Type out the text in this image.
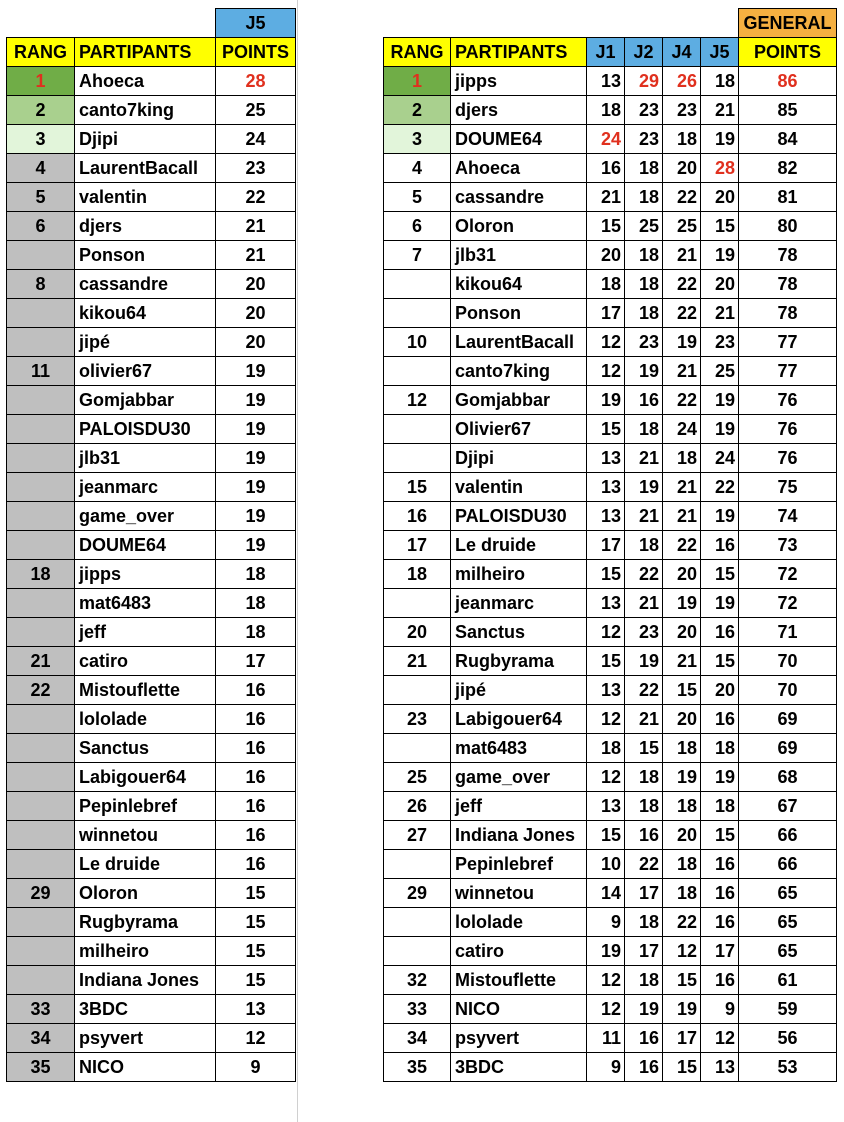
		J5
RANG	PARTIPANTS	POINTS
1	Ahoeca	28
2	canto7king	25
3	Djipi	24
4	LaurentBacall	23
5	valentin	22
6	djers	21
	Ponson	21
8	cassandre	20
	kikou64	20
	jipé	20
11	olivier67	19
	Gomjabbar	19
	PALOISDU30	19
	jlb31	19
	jeanmarc	19
	game_over	19
	DOUME64	19
18	jipps	18
	mat6483	18
	jeff	18
21	catiro	17
22	Mistouflette	16
	lololade	16
	Sanctus	16
	Labigouer64	16
	Pepinlebref	16
	winnetou	16
	Le druide	16
29	Oloron	15
	Rugbyrama	15
	milheiro	15
	Indiana Jones	15
33	3BDC	13
34	psyvert	12
35	NICO	9
						GENERAL
RANG	PARTIPANTS	J1	J2	J4	J5	POINTS
1	jipps	13	29	26	18	86
2	djers	18	23	23	21	85
3	DOUME64	24	23	18	19	84
4	Ahoeca	16	18	20	28	82
5	cassandre	21	18	22	20	81
6	Oloron	15	25	25	15	80
7	jlb31	20	18	21	19	78
	kikou64	18	18	22	20	78
	Ponson	17	18	22	21	78
10	LaurentBacall	12	23	19	23	77
	canto7king	12	19	21	25	77
12	Gomjabbar	19	16	22	19	76
	Olivier67	15	18	24	19	76
	Djipi	13	21	18	24	76
15	valentin	13	19	21	22	75
16	PALOISDU30	13	21	21	19	74
17	Le druide	17	18	22	16	73
18	milheiro	15	22	20	15	72
	jeanmarc	13	21	19	19	72
20	Sanctus	12	23	20	16	71
21	Rugbyrama	15	19	21	15	70
	jipé	13	22	15	20	70
23	Labigouer64	12	21	20	16	69
	mat6483	18	15	18	18	69
25	game_over	12	18	19	19	68
26	jeff	13	18	18	18	67
27	Indiana Jones	15	16	20	15	66
	Pepinlebref	10	22	18	16	66
29	winnetou	14	17	18	16	65
	lololade	9	18	22	16	65
	catiro	19	17	12	17	65
32	Mistouflette	12	18	15	16	61
33	NICO	12	19	19	9	59
34	psyvert	11	16	17	12	56
35	3BDC	9	16	15	13	53
